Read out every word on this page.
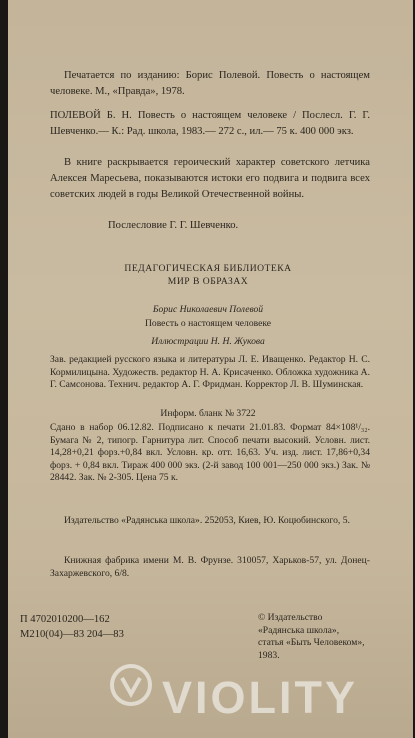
Печатается по изданию: Борис Полевой. Повесть о настоящем человеке. М., «Правда», 1978.
ПОЛЕВОЙ Б. Н. Повесть о настоящем человеке / Послесл. Г. Г. Шевченко.— К.: Рад. школа, 1983.— 272 с., ил.— 75 к. 400 000 экз.
В книге раскрывается героический характер советского летчика Алексея Маресьева, показываются истоки его подвига и подвига всех советских людей в годы Великой Отечественной войны.
Послесловие Г. Г. Шевченко.
ПЕДАГОГИЧЕСКАЯ БИБЛИОТЕКА
МИР В ОБРАЗАХ
Борис Николаевич Полевой
Повесть о настоящем человеке
Иллюстрации Н. Н. Жукова
Зав. редакцией русского языка и литературы Л. Е. Иващенко. Редактор Н. С. Кормилицына. Художеств. редактор Н. А. Крисаченко. Обложка художника А. Г. Самсонова. Технич. редактор А. Г. Фридман. Корректор Л. В. Шуминская.
Информ. бланк № 3722
Сдано в набор 06.12.82. Подписано к печати 21.01.83. Формат 84×108¹/₃₂. Бумага № 2, типогр. Гарнитура лит. Способ печати высокий. Условн. лист. 14,28+0,21 форз.+0,84 вкл. Условн. кр. отт. 16,63. Уч. изд. лист. 17,86+0,34 форз. + 0,84 вкл. Тираж 400 000 экз. (2-й завод 100 001—250 000 экз.) Зак. № 28442. Зак. № 2-305. Цена 75 к.
Издательство «Радянська школа». 252053, Киев, Ю. Коцюбинского, 5.
Книжная фабрика имени М. В. Фрунзе. 310057, Харьков-57, ул. Донец-Захаржевского, 6/8.
П 4702010200—162
М210(04)—83 204—83
© Издательство
«Радянська школа»,
статья «Быть Человеком», 1983.
VIOLITY
